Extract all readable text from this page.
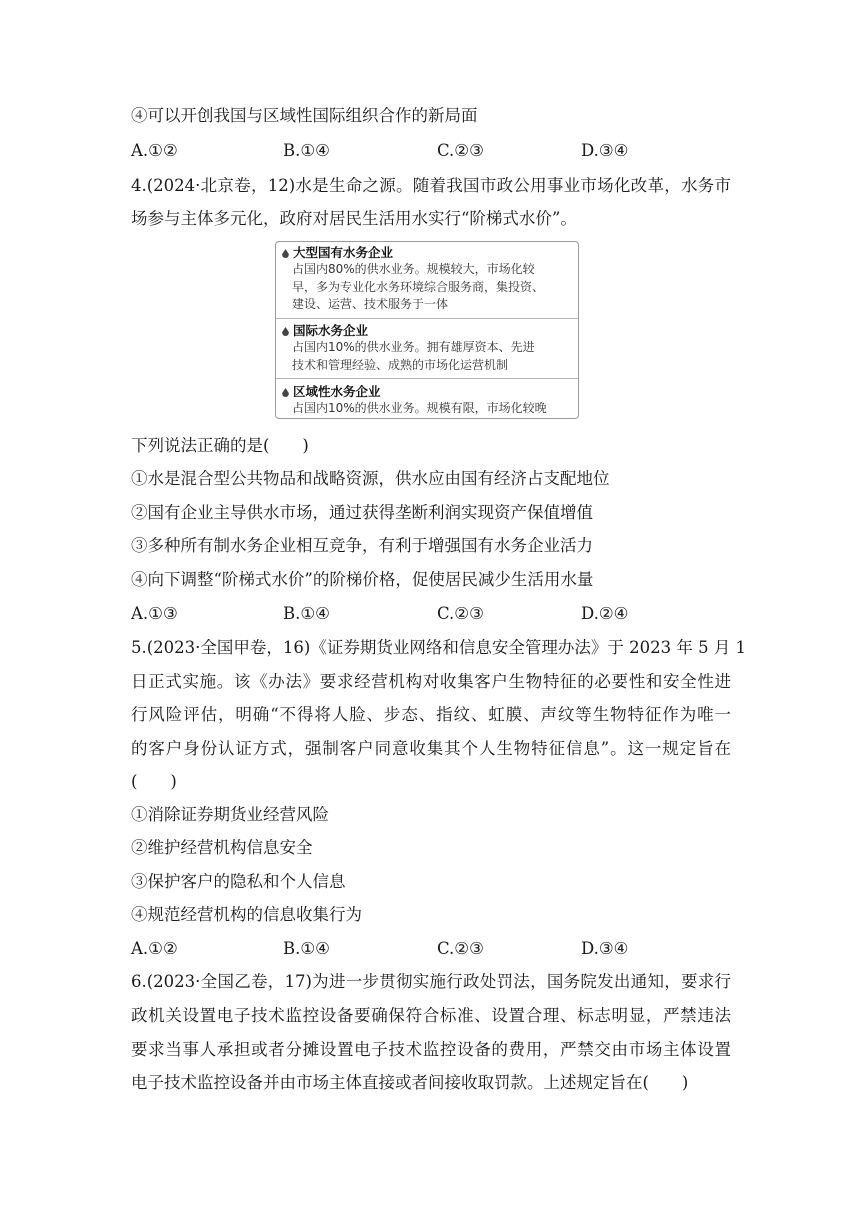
④可以开创我国与区域性国际组织合作的新局面
A.①②	B.①④	C.②③	D.③④
4.(2024·北京卷，12)水是生命之源。随着我国市政公用事业市场化改革，水务市
场参与主体多元化，政府对居民生活用水实行“阶梯式水价”。
大型国有水务企业
占国内80%的供水业务。规模较大，市场化较
早，多为专业化水务环境综合服务商，集投资、
建设、运营、技术服务于一体
国际水务企业
占国内10%的供水业务。拥有雄厚资本、先进
技术和管理经验、成熟的市场化运营机制
区域性水务企业
占国内10%的供水业务。规模有限，市场化较晚
下列说法正确的是(　　)
①水是混合型公共物品和战略资源，供水应由国有经济占支配地位
②国有企业主导供水市场，通过获得垄断利润实现资产保值增值
③多种所有制水务企业相互竞争，有利于增强国有水务企业活力
④向下调整“阶梯式水价”的阶梯价格，促使居民减少生活用水量
A.①③	B.①④	C.②③	D.②④
5.(2023·全国甲卷，16)《证券期货业网络和信息安全管理办法》于 2023 年 5 月 1
日正式实施。该《办法》要求经营机构对收集客户生物特征的必要性和安全性进
行风险评估，明确“不得将人脸、步态、指纹、虹膜、声纹等生物特征作为唯一
的客户身份认证方式，强制客户同意收集其个人生物特征信息”。这一规定旨在
(　　)
①消除证券期货业经营风险
②维护经营机构信息安全
③保护客户的隐私和个人信息
④规范经营机构的信息收集行为
A.①②	B.①④	C.②③	D.③④
6.(2023·全国乙卷，17)为进一步贯彻实施行政处罚法，国务院发出通知，要求行
政机关设置电子技术监控设备要确保符合标准、设置合理、标志明显，严禁违法
要求当事人承担或者分摊设置电子技术监控设备的费用，严禁交由市场主体设置
电子技术监控设备并由市场主体直接或者间接收取罚款。上述规定旨在(　　)
